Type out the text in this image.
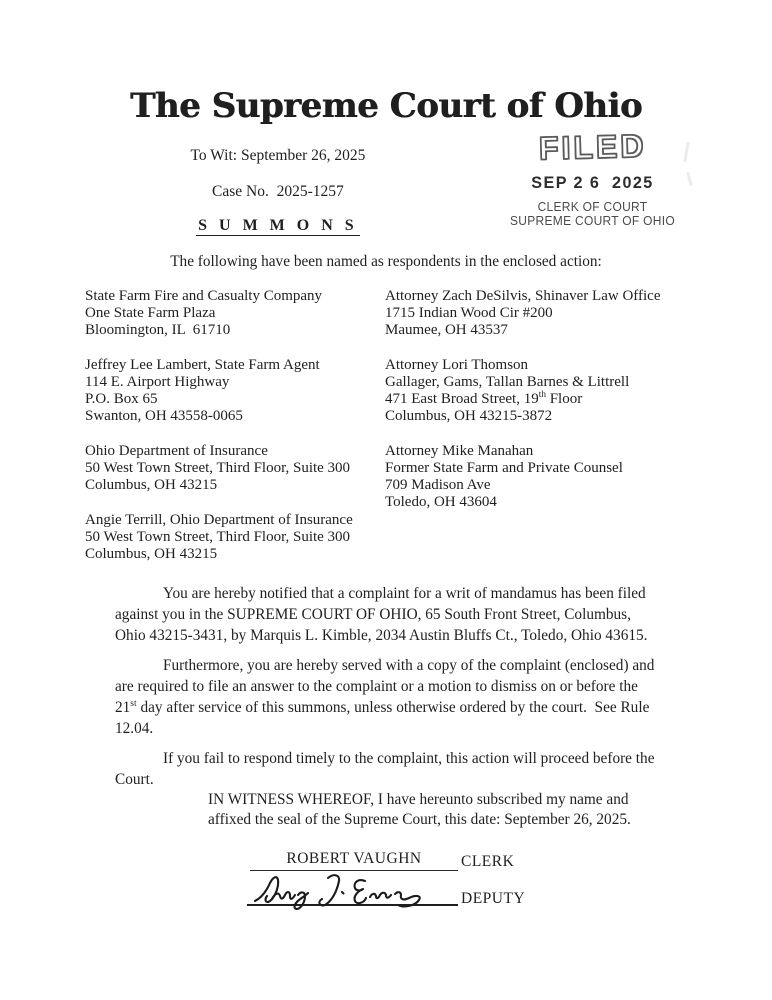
The Supreme Court of Ohio
To Wit: September 26, 2025
Case No.  2025-1257
S U M M O N S
FILED
SEP 2 6  2025
CLERK OF COURT
SUPREME COURT OF OHIO
The following have been named as respondents in the enclosed action:
State Farm Fire and Casualty Company
One State Farm Plaza
Bloomington, IL  61710
Jeffrey Lee Lambert, State Farm Agent
114 E. Airport Highway
P.O. Box 65
Swanton, OH 43558-0065
Ohio Department of Insurance
50 West Town Street, Third Floor, Suite 300
Columbus, OH 43215
Angie Terrill, Ohio Department of Insurance
50 West Town Street, Third Floor, Suite 300
Columbus, OH 43215
Attorney Zach DeSilvis, Shinaver Law Office
1715 Indian Wood Cir #200
Maumee, OH 43537
Attorney Lori Thomson
Gallager, Gams, Tallan Barnes & Littrell
471 East Broad Street, 19th Floor
Columbus, OH 43215-3872
Attorney Mike Manahan
Former State Farm and Private Counsel
709 Madison Ave
Toledo, OH 43604

You are hereby notified that a complaint for a writ of mandamus has been filed against you in the SUPREME COURT OF OHIO, 65 South Front Street, Columbus, Ohio 43215-3431, by Marquis L. Kimble, 2034 Austin Bluffs Ct., Toledo, Ohio 43615.

Furthermore, you are hereby served with a copy of the complaint (enclosed) and are required to file an answer to the complaint or a motion to dismiss on or before the 21st day after service of this summons, unless otherwise ordered by the court.  See Rule 12.04.

If you fail to respond timely to the complaint, this action will proceed before the Court.

IN WITNESS WHEREOF, I have hereunto subscribed my name and affixed the seal of the Supreme Court, this date: September 26, 2025.
ROBERT VAUGHN	CLERK
DEPUTY
